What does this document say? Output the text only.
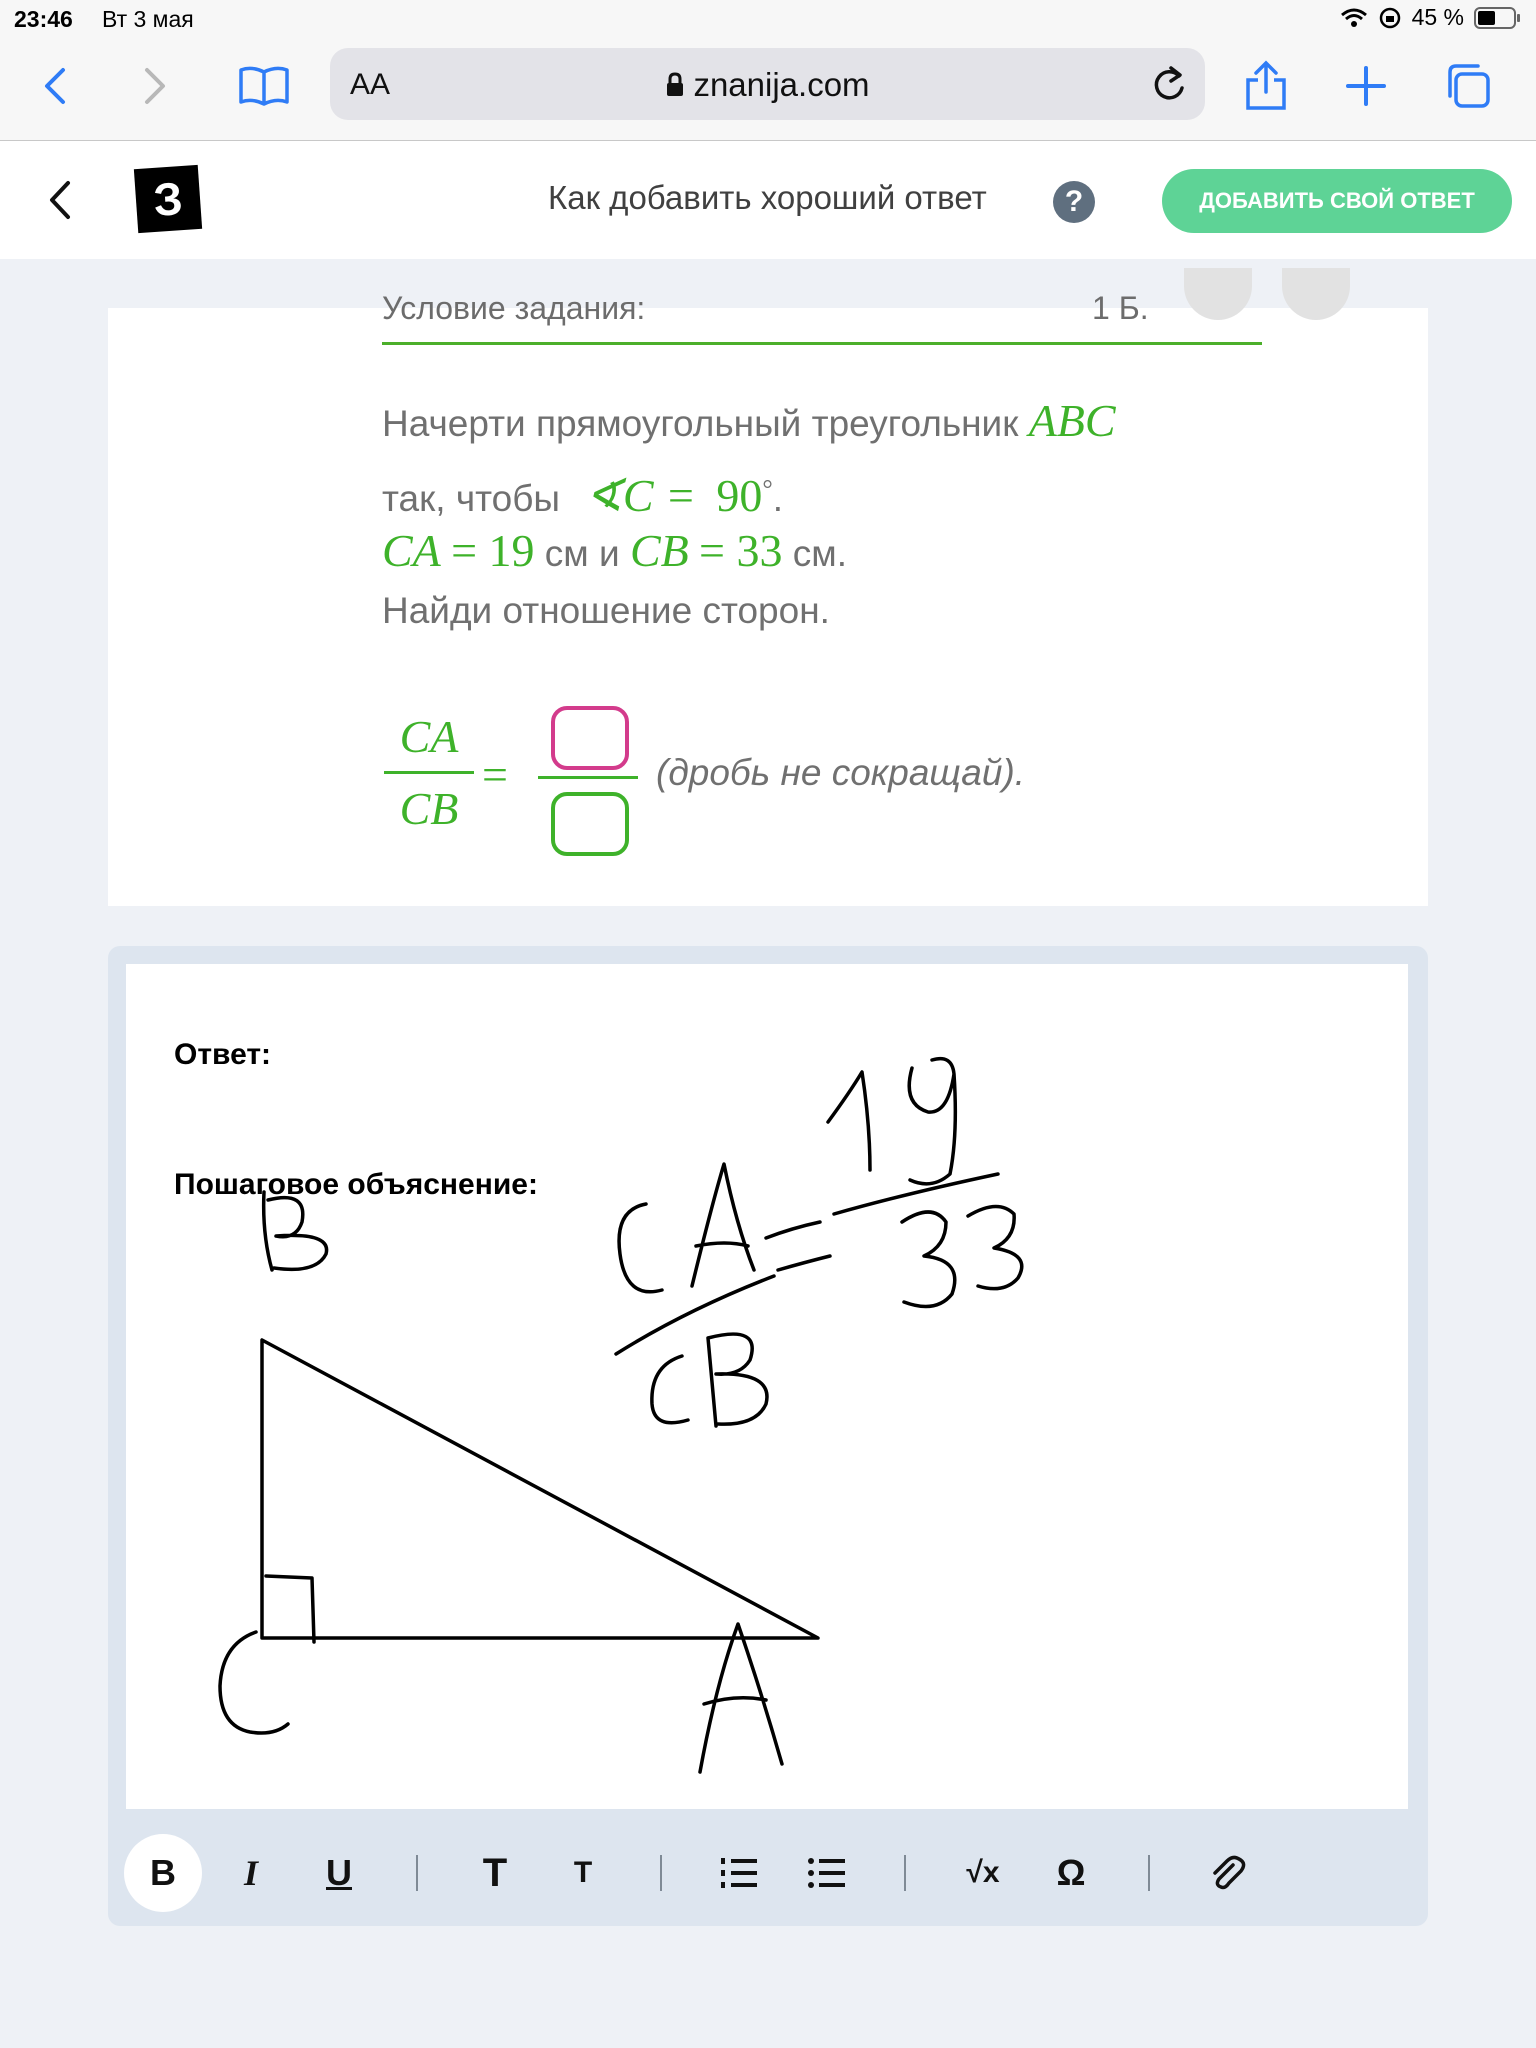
23:46 Вт 3 мая	45 %
AA	znanija.com
З	Как добавить хороший ответ	?	ДОБАВИТЬ СВОЙ ОТВЕТ
Условие задания:	1 Б.
Начерти прямоугольный треугольник ABC
так, чтобы ∢C = 90°.
CA = 19 см и CB = 33 см.
Найди отношение сторон.
CA
CB
=	(дробь не сокращай).
Ответ:
Пошаговое объяснение:
B	I	U	T	T	√x	Ω
